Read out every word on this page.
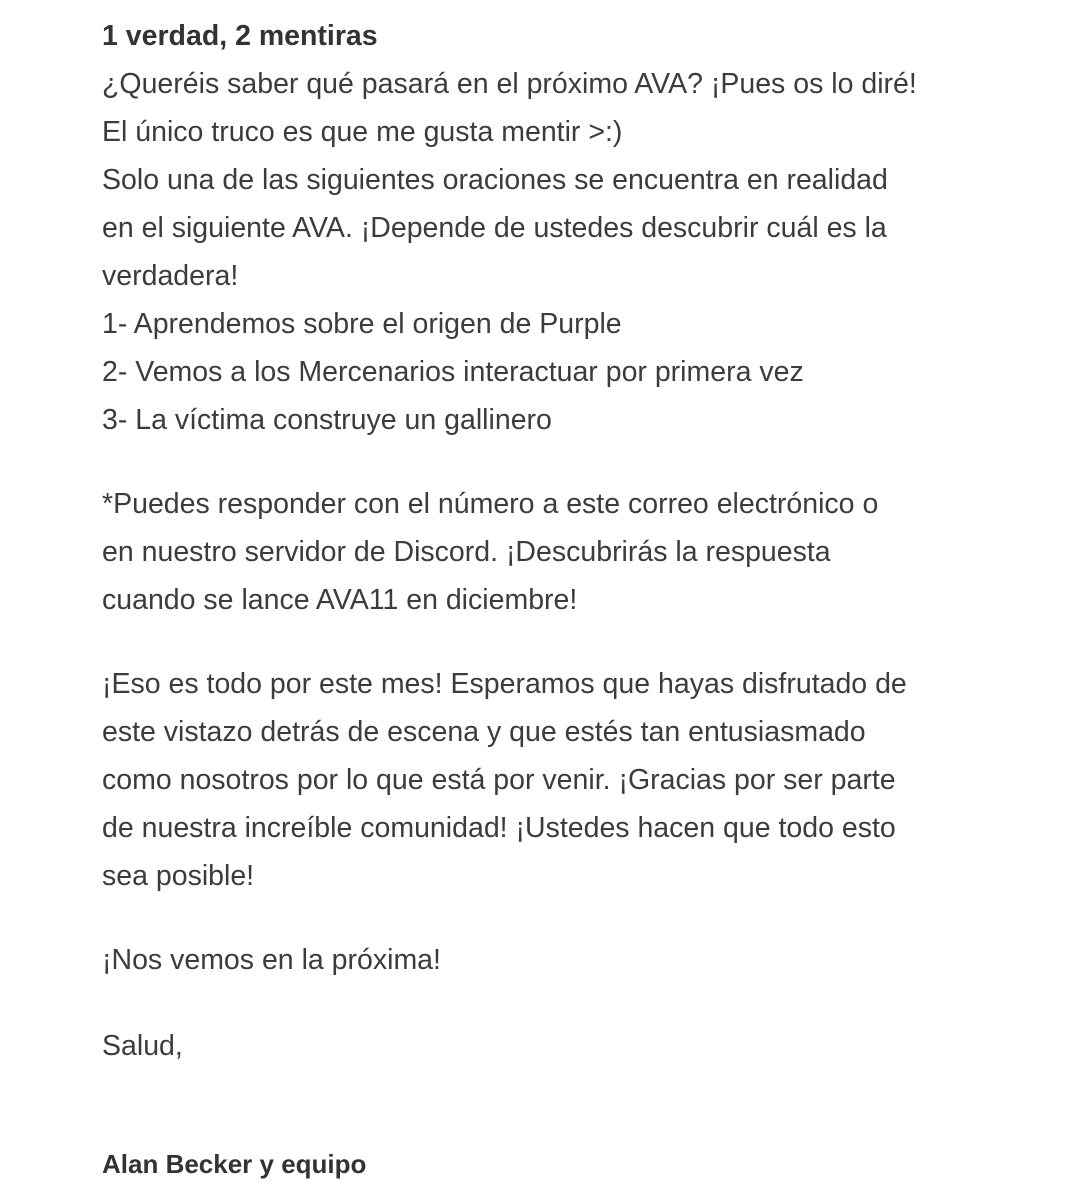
1 verdad, 2 mentiras
¿Queréis saber qué pasará en el próximo AVA? ¡Pues os lo diré!
El único truco es que me gusta mentir >:)
Solo una de las siguientes oraciones se encuentra en realidad
en el siguiente AVA. ¡Depende de ustedes descubrir cuál es la
verdadera!
1- Aprendemos sobre el origen de Purple
2- Vemos a los Mercenarios interactuar por primera vez
3- La víctima construye un gallinero
*Puedes responder con el número a este correo electrónico o
en nuestro servidor de Discord. ¡Descubrirás la respuesta
cuando se lance AVA11 en diciembre!
¡Eso es todo por este mes! Esperamos que hayas disfrutado de
este vistazo detrás de escena y que estés tan entusiasmado
como nosotros por lo que está por venir. ¡Gracias por ser parte
de nuestra increíble comunidad! ¡Ustedes hacen que todo esto
sea posible!
¡Nos vemos en la próxima!
Salud,
Alan Becker y equipo
